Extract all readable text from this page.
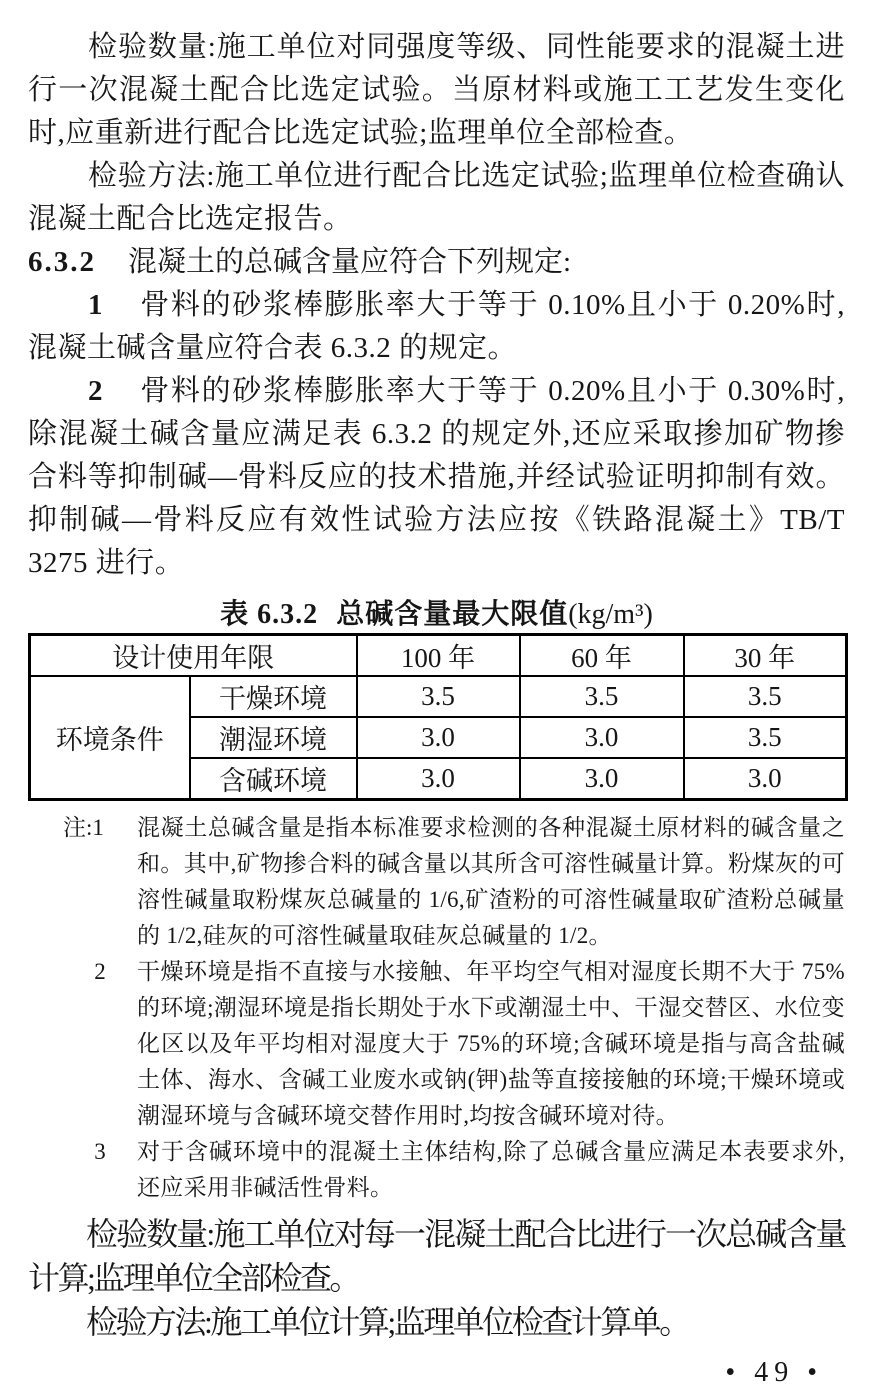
检验数量:施工单位对同强度等级、同性能要求的混凝土进行一次混凝土配合比选定试验。当原材料或施工工艺发生变化时,应重新进行配合比选定试验;监理单位全部检查。

检验方法:施工单位进行配合比选定试验;监理单位检查确认混凝土配合比选定报告。

6.3.2 混凝土的总碱含量应符合下列规定:

1 骨料的砂浆棒膨胀率大于等于 0.10%且小于 0.20%时,混凝土碱含量应符合表 6.3.2 的规定。

2 骨料的砂浆棒膨胀率大于等于 0.20%且小于 0.30%时,除混凝土碱含量应满足表 6.3.2 的规定外,还应采取掺加矿物掺合料等抑制碱—骨料反应的技术措施,并经试验证明抑制有效。抑制碱—骨料反应有效性试验方法应按《铁路混凝土》TB/T 3275 进行。

表 6.3.2 总碱含量最大限值(kg/m³)
设计使用年限		100 年	60 年	30 年
环境条件	干燥环境	3.5	3.5	3.5
	潮湿环境	3.0	3.0	3.5
	含碱环境	3.0	3.0	3.0
注:1	混凝土总碱含量是指本标准要求检测的各种混凝土原材料的碱含量之和。其中,矿物掺合料的碱含量以其所含可溶性碱量计算。粉煤灰的可溶性碱量取粉煤灰总碱量的 1/6,矿渣粉的可溶性碱量取矿渣粉总碱量的 1/2,硅灰的可溶性碱量取硅灰总碱量的 1/2。
2	干燥环境是指不直接与水接触、年平均空气相对湿度长期不大于 75%的环境;潮湿环境是指长期处于水下或潮湿土中、干湿交替区、水位变化区以及年平均相对湿度大于 75%的环境;含碱环境是指与高含盐碱土体、海水、含碱工业废水或钠(钾)盐等直接接触的环境;干燥环境或潮湿环境与含碱环境交替作用时,均按含碱环境对待。
3	对于含碱环境中的混凝土主体结构,除了总碱含量应满足本表要求外,还应采用非碱活性骨料。

检验数量:施工单位对每一混凝土配合比进行一次总碱含量计算;监理单位全部检查。

检验方法:施工单位计算;监理单位检查计算单。

• 49 •
